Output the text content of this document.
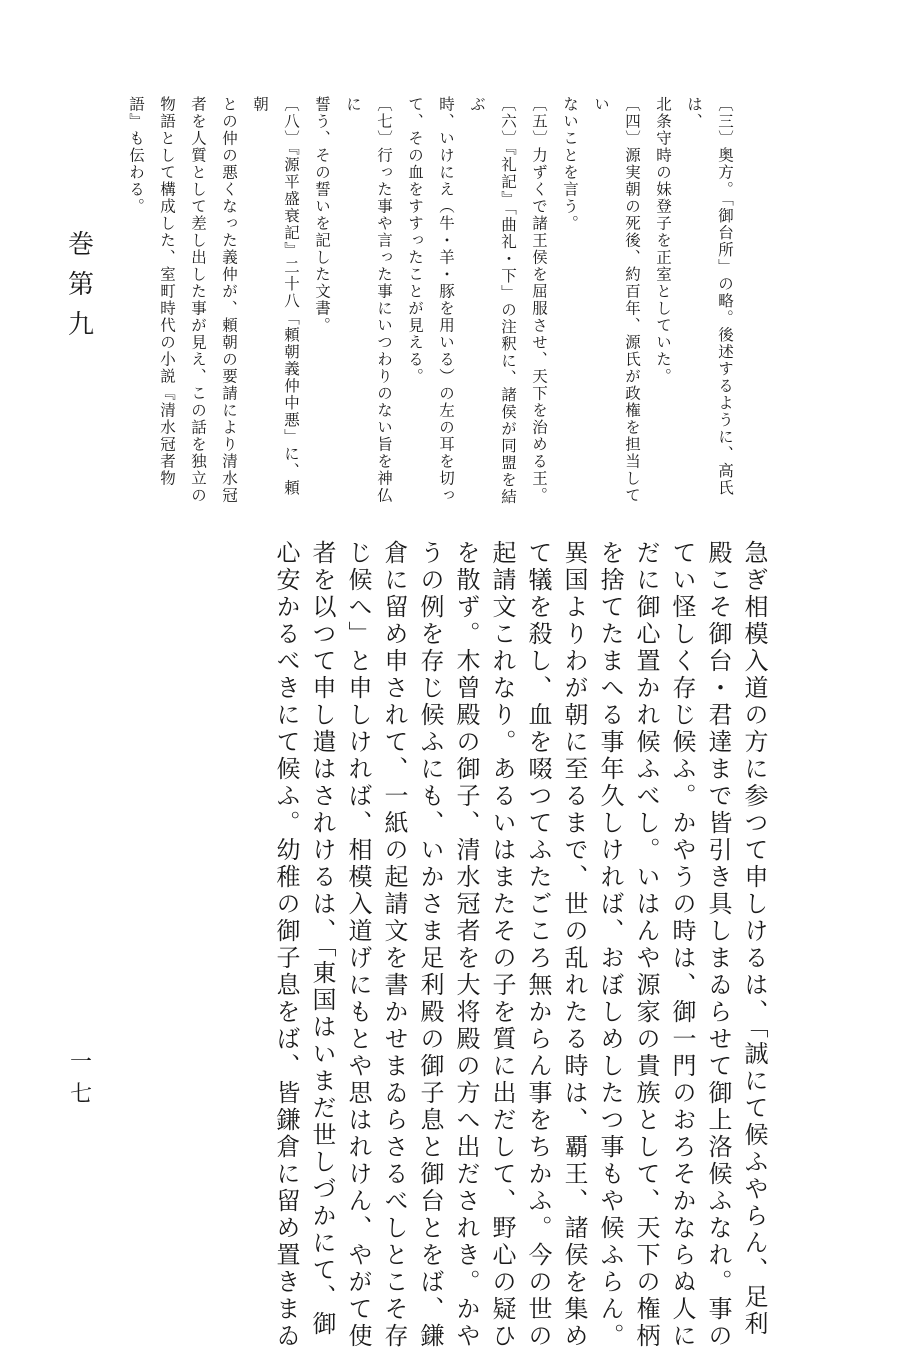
巻
第
九
一
七

〔三〕奥方。「御台所」の略。後述するように、高氏は、

北条守時の妹登子を正室としていた。

〔四〕源実朝の死後、約百年、源氏が政権を担当してい

ないことを言う。

〔五〕力ずくで諸王侯を屈服させ、天下を治める王。

〔六〕『礼記』「曲礼・下」の注釈に、諸侯が同盟を結ぶ

時、いけにえ（牛・羊・豚を用いる）の左の耳を切っ

て、その血をすすったことが見える。

〔七〕行った事や言った事にいつわりのない旨を神仏に

誓う、その誓いを記した文書。

〔八〕『源平盛衰記』二十八「頼朝義仲中悪」に、頼朝

との仲の悪くなった義仲が、頼朝の要請により清水冠

者を人質として差し出した事が見え、この話を独立の

物語として構成した、室町時代の小説『清水冠者物

語』も伝わる。

急ぎ相模入道の方に参つて申しけるは、「誠にて候ふやらん、足利

殿こそ御台・君達まで皆引き具しまゐらせて御上洛候ふなれ。事の

てい怪しく存じ候ふ。かやうの時は、御一門のおろそかならぬ人に

だに御心置かれ候ふべし。いはんや源家の貴族として、天下の権柄

を捨てたまへる事年久しければ、おぼしめしたつ事もや候ふらん。

異国よりわが朝に至るまで、世の乱れたる時は、覇王、諸侯を集め

て犠を殺し、血を啜つてふたごころ無からん事をちかふ。今の世の

起請文これなり。あるいはまたその子を質に出だして、野心の疑ひ

を散ず。木曾殿の御子、清水冠者を大将殿の方へ出だされき。かや

うの例を存じ候ふにも、いかさま足利殿の御子息と御台とをば、鎌

倉に留め申されて、一紙の起請文を書かせまゐらさるべしとこそ存

じ候へ」と申しければ、相模入道げにもとや思はれけん、やがて使

者を以つて申し遣はされけるは、「東国はいまだ世しづかにて、御

心安かるべきにて候ふ。幼稚の御子息をば、皆鎌倉に留め置きまゐ
